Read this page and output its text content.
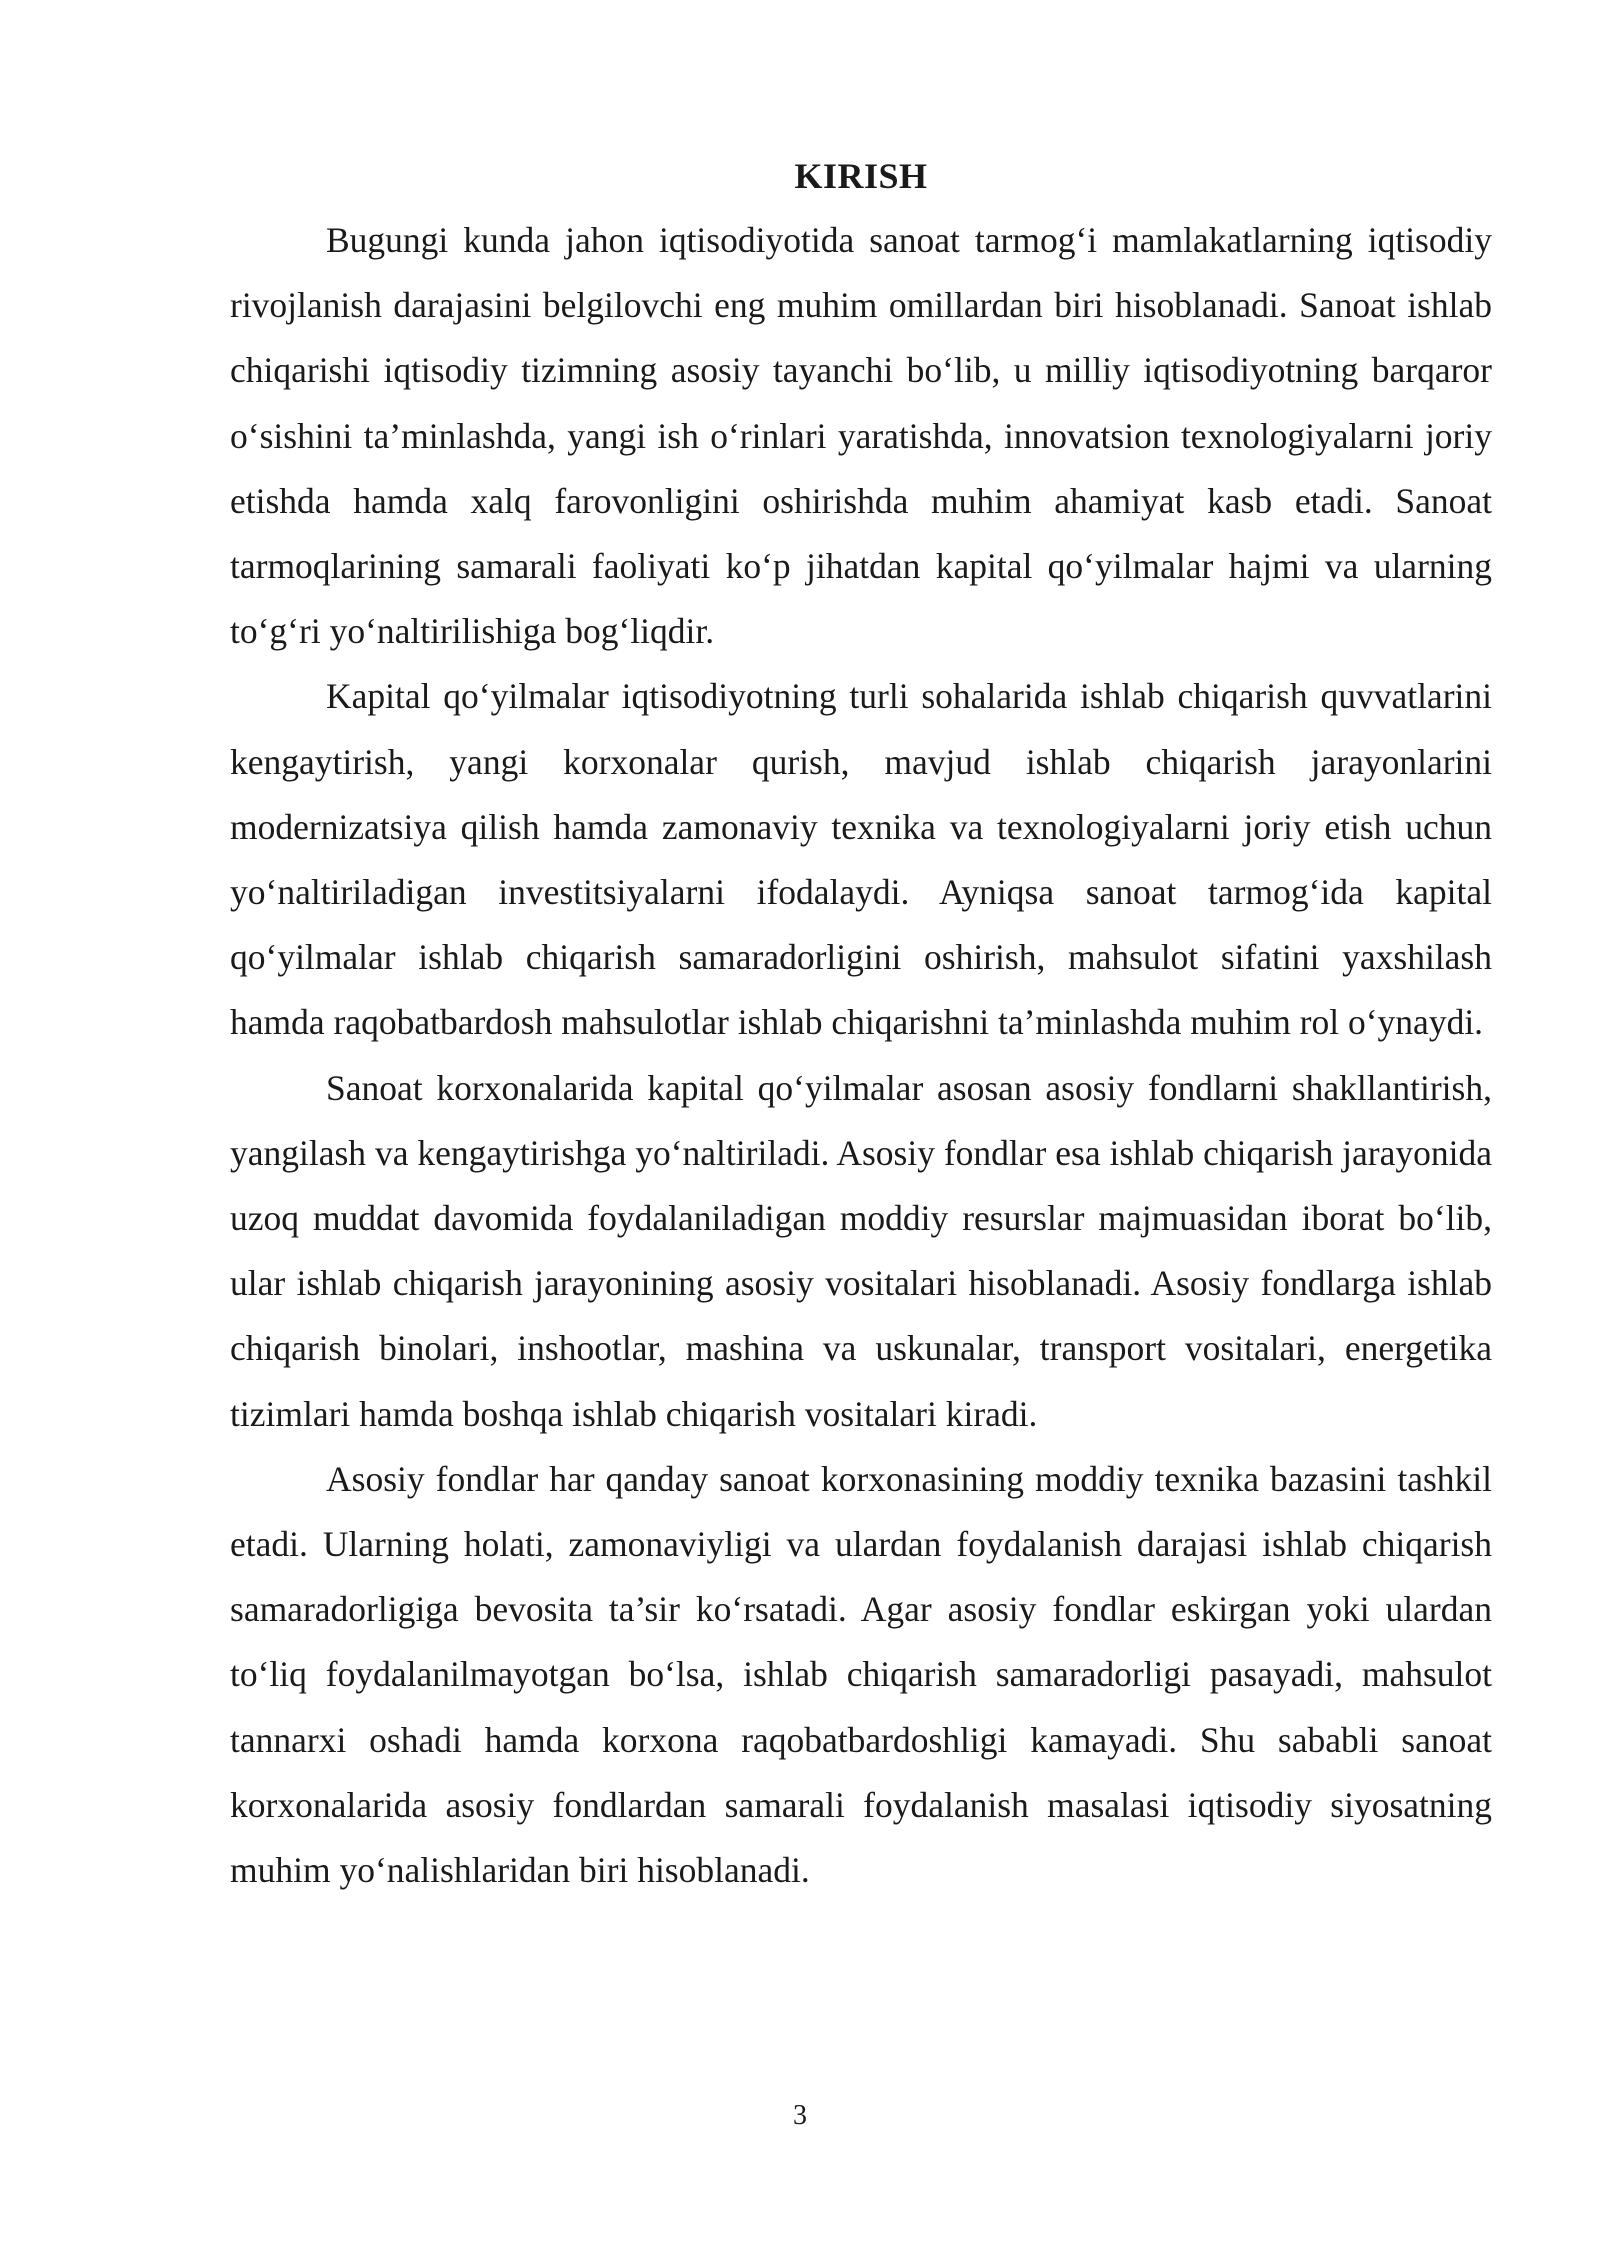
KIRISH

Bugungi kunda jahon iqtisodiyotida sanoat tarmog‘i mamlakatlarning iqtisodiy rivojlanish darajasini belgilovchi eng muhim omillardan biri hisoblanadi. Sanoat ishlab chiqarishi iqtisodiy tizimning asosiy tayanchi bo‘lib, u milliy iqtisodiyotning barqaror o‘sishini ta’minlashda, yangi ish o‘rinlari yaratishda, innovatsion texnologiyalarni joriy etishda hamda xalq farovonligini oshirishda muhim ahamiyat kasb etadi. Sanoat tarmoqlarining samarali faoliyati ko‘p jihatdan kapital qo‘yilmalar hajmi va ularning to‘g‘ri yo‘naltirilishiga bog‘liqdir.

Kapital qo‘yilmalar iqtisodiyotning turli sohalarida ishlab chiqarish quvvatlarini kengaytirish, yangi korxonalar qurish, mavjud ishlab chiqarish jarayonlarini modernizatsiya qilish hamda zamonaviy texnika va texnologiyalarni joriy etish uchun yo‘naltiriladigan investitsiyalarni ifodalaydi. Ayniqsa sanoat tarmog‘ida kapital qo‘yilmalar ishlab chiqarish samaradorligini oshirish, mahsulot sifatini yaxshilash hamda raqobatbardosh mahsulotlar ishlab chiqarishni ta’minlashda muhim rol o‘ynaydi.

Sanoat korxonalarida kapital qo‘yilmalar asosan asosiy fondlarni shakllantirish, yangilash va kengaytirishga yo‘naltiriladi. Asosiy fondlar esa ishlab chiqarish jarayonida uzoq muddat davomida foydalaniladigan moddiy resurslar majmuasidan iborat bo‘lib, ular ishlab chiqarish jarayonining asosiy vositalari hisoblanadi. Asosiy fondlarga ishlab chiqarish binolari, inshootlar, mashina va uskunalar, transport vositalari, energetika tizimlari hamda boshqa ishlab chiqarish vositalari kiradi.

Asosiy fondlar har qanday sanoat korxonasining moddiy texnika bazasini tashkil etadi. Ularning holati, zamonaviyligi va ulardan foydalanish darajasi ishlab chiqarish samaradorligiga bevosita ta’sir ko‘rsatadi. Agar asosiy fondlar eskirgan yoki ulardan to‘liq foydalanilmayotgan bo‘lsa, ishlab chiqarish samaradorligi pasayadi, mahsulot tannarxi oshadi hamda korxona raqobatbardoshligi kamayadi. Shu sababli sanoat korxonalarida asosiy fondlardan samarali foydalanish masalasi iqtisodiy siyosatning muhim yo‘nalishlaridan biri hisoblanadi.

3
